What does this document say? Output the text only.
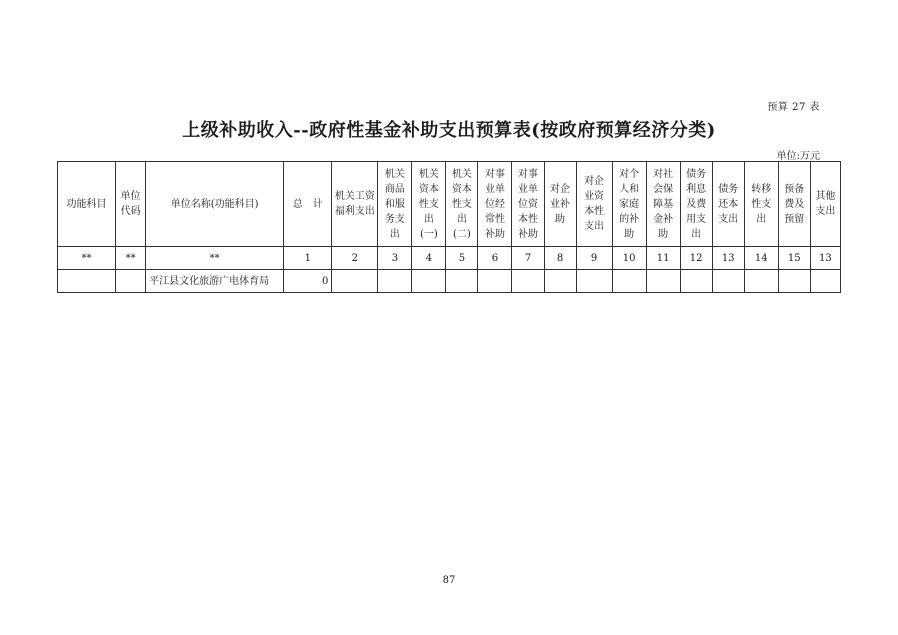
预算 27 表
上级补助收入--政府性基金补助支出预算表(按政府预算经济分类)
单位:万元
功能科目	单位代码	单位名称(功能科目)	总　计	机关工资福利支出	机关商品和服务支出	机关资本性支出(一)	机关资本性支出(二)	对事业单位经常性补助	对事业单位资本性补助	对企业补助	对企业资本性支出	对个人和家庭的补助	对社会保障基金补助	债务利息及费用支出	债务还本支出	转移性支出	预备费及预留	其他支出
**	**	**	1	2	3	4	5	6	7	8	9	10	11	12	13	14	15	13
		平江县文化旅游广电体育局	0															
87
